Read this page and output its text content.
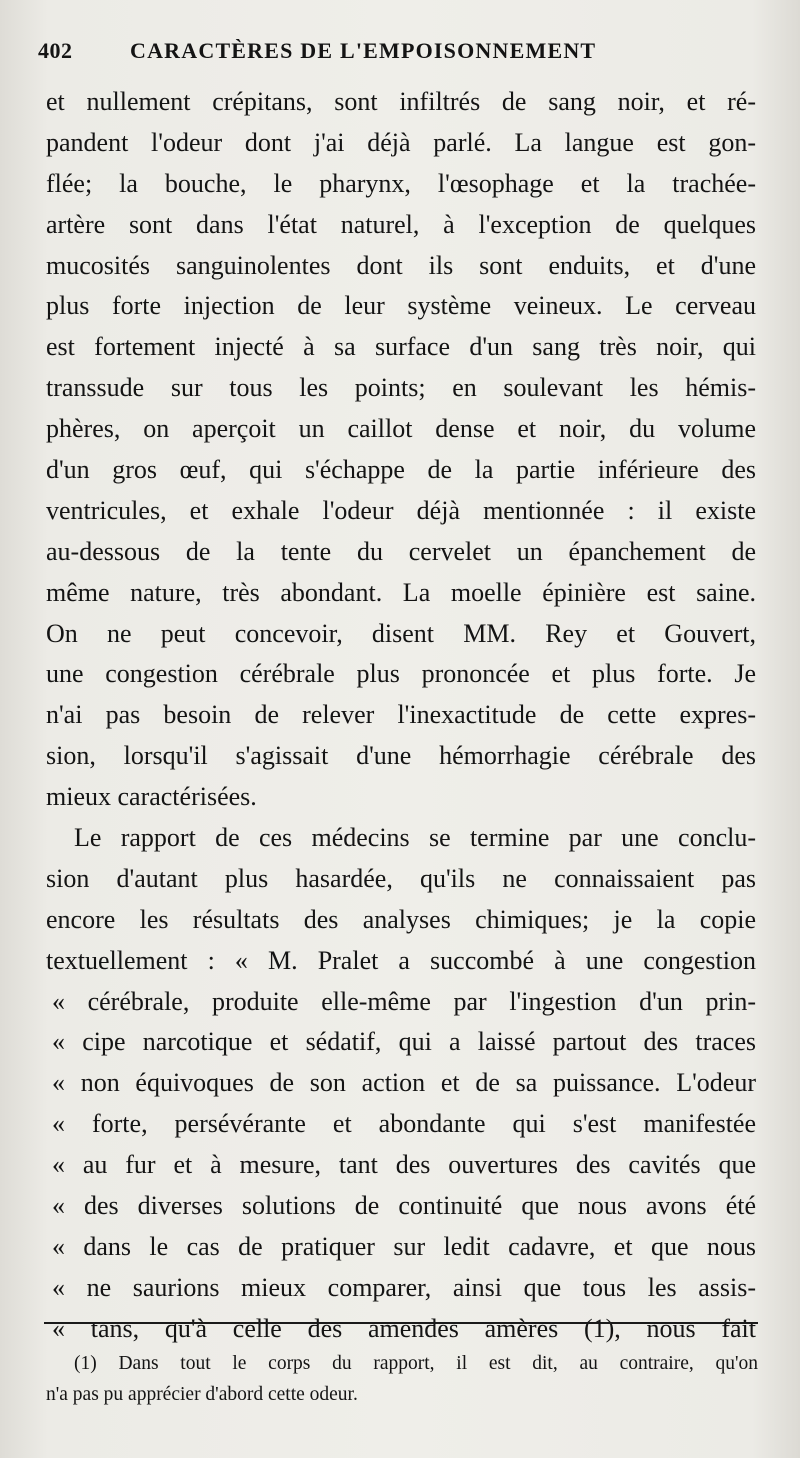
402	CARACTÈRES DE L'EMPOISONNEMENT
et nullement crépitans, sont infiltrés de sang noir, et ré-
pandent l'odeur dont j'ai déjà parlé. La langue est gon-
flée; la bouche, le pharynx, l'œsophage et la trachée-
artère sont dans l'état naturel, à l'exception de quelques
mucosités sanguinolentes dont ils sont enduits, et d'une
plus forte injection de leur système veineux. Le cerveau
est fortement injecté à sa surface d'un sang très noir, qui
transsude sur tous les points; en soulevant les hémis-
phères, on aperçoit un caillot dense et noir, du volume
d'un gros œuf, qui s'échappe de la partie inférieure des
ventricules, et exhale l'odeur déjà mentionnée : il existe
au-dessous de la tente du cervelet un épanchement de
même nature, très abondant. La moelle épinière est saine.
On ne peut concevoir, disent MM. Rey et Gouvert,
une congestion cérébrale plus prononcée et plus forte. Je
n'ai pas besoin de relever l'inexactitude de cette expres-
sion, lorsqu'il s'agissait d'une hémorrhagie cérébrale des
mieux caractérisées.
Le rapport de ces médecins se termine par une conclu-
sion d'autant plus hasardée, qu'ils ne connaissaient pas
encore les résultats des analyses chimiques; je la copie
textuellement : « M. Pralet a succombé à une congestion
« cérébrale, produite elle-même par l'ingestion d'un prin-
« cipe narcotique et sédatif, qui a laissé partout des traces
« non équivoques de son action et de sa puissance. L'odeur
« forte, persévérante et abondante qui s'est manifestée
« au fur et à mesure, tant des ouvertures des cavités que
« des diverses solutions de continuité que nous avons été
« dans le cas de pratiquer sur ledit cadavre, et que nous
« ne saurions mieux comparer, ainsi que tous les assis-
« tans, qu'à celle des amendes amères (1), nous fait
(1) Dans tout le corps du rapport, il est dit, au contraire, qu'on
n'a pas pu apprécier d'abord cette odeur.
